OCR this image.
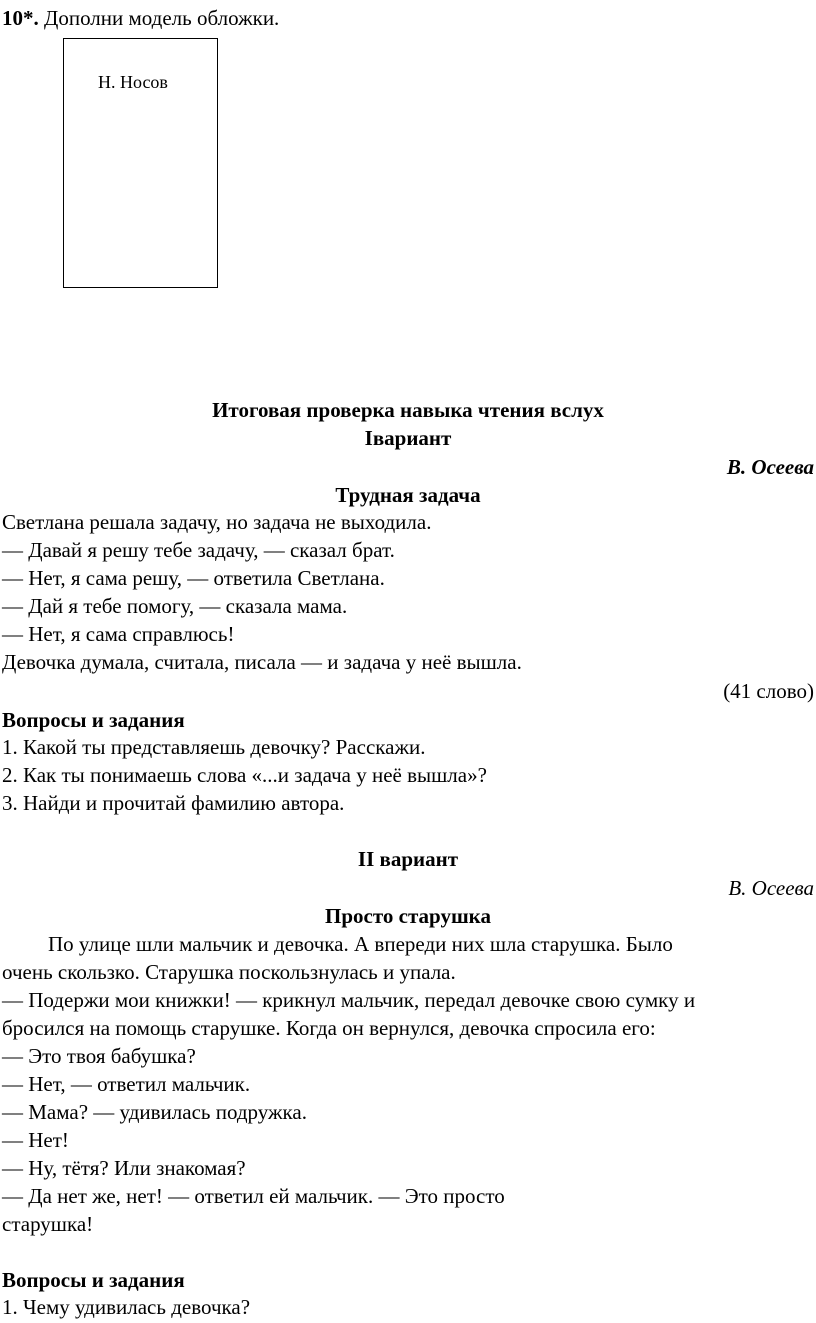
10*. Дополни модель обложки.
Н. Носов
Итоговая проверка навыка чтения вслух
Iвариант
В. Осеева
Трудная задача
Светлана решала задачу, но задача не выходила.
— Давай я решу тебе задачу, — сказал брат.
— Нет, я сама решу, — ответила Светлана.
— Дай я тебе помогу, — сказала мама.
— Нет, я сама справлюсь!
Девочка думала, считала, писала — и задача у неё вышла.
(41 слово)
Вопросы и задания
1. Какой ты представляешь девочку? Расскажи.
2. Как ты понимаешь слова «...и задача у неё вышла»?
3. Найди и прочитай фамилию автора.
II вариант
В. Осеева
Просто старушка
По улице шли мальчик и девочка. А впереди них шла старушка. Было
очень скользко. Старушка поскользнулась и упала.
— Подержи мои книжки! — крикнул мальчик, передал девочке свою сумку и
бросился на помощь старушке. Когда он вернулся, девочка спросила его:
— Это твоя бабушка?
— Нет, — ответил мальчик.
— Мама? — удивилась подружка.
— Нет!
— Ну, тётя? Или знакомая?
— Да нет же, нет! — ответил ей мальчик. — Это просто
старушка!
Вопросы и задания
1. Чему удивилась девочка?
